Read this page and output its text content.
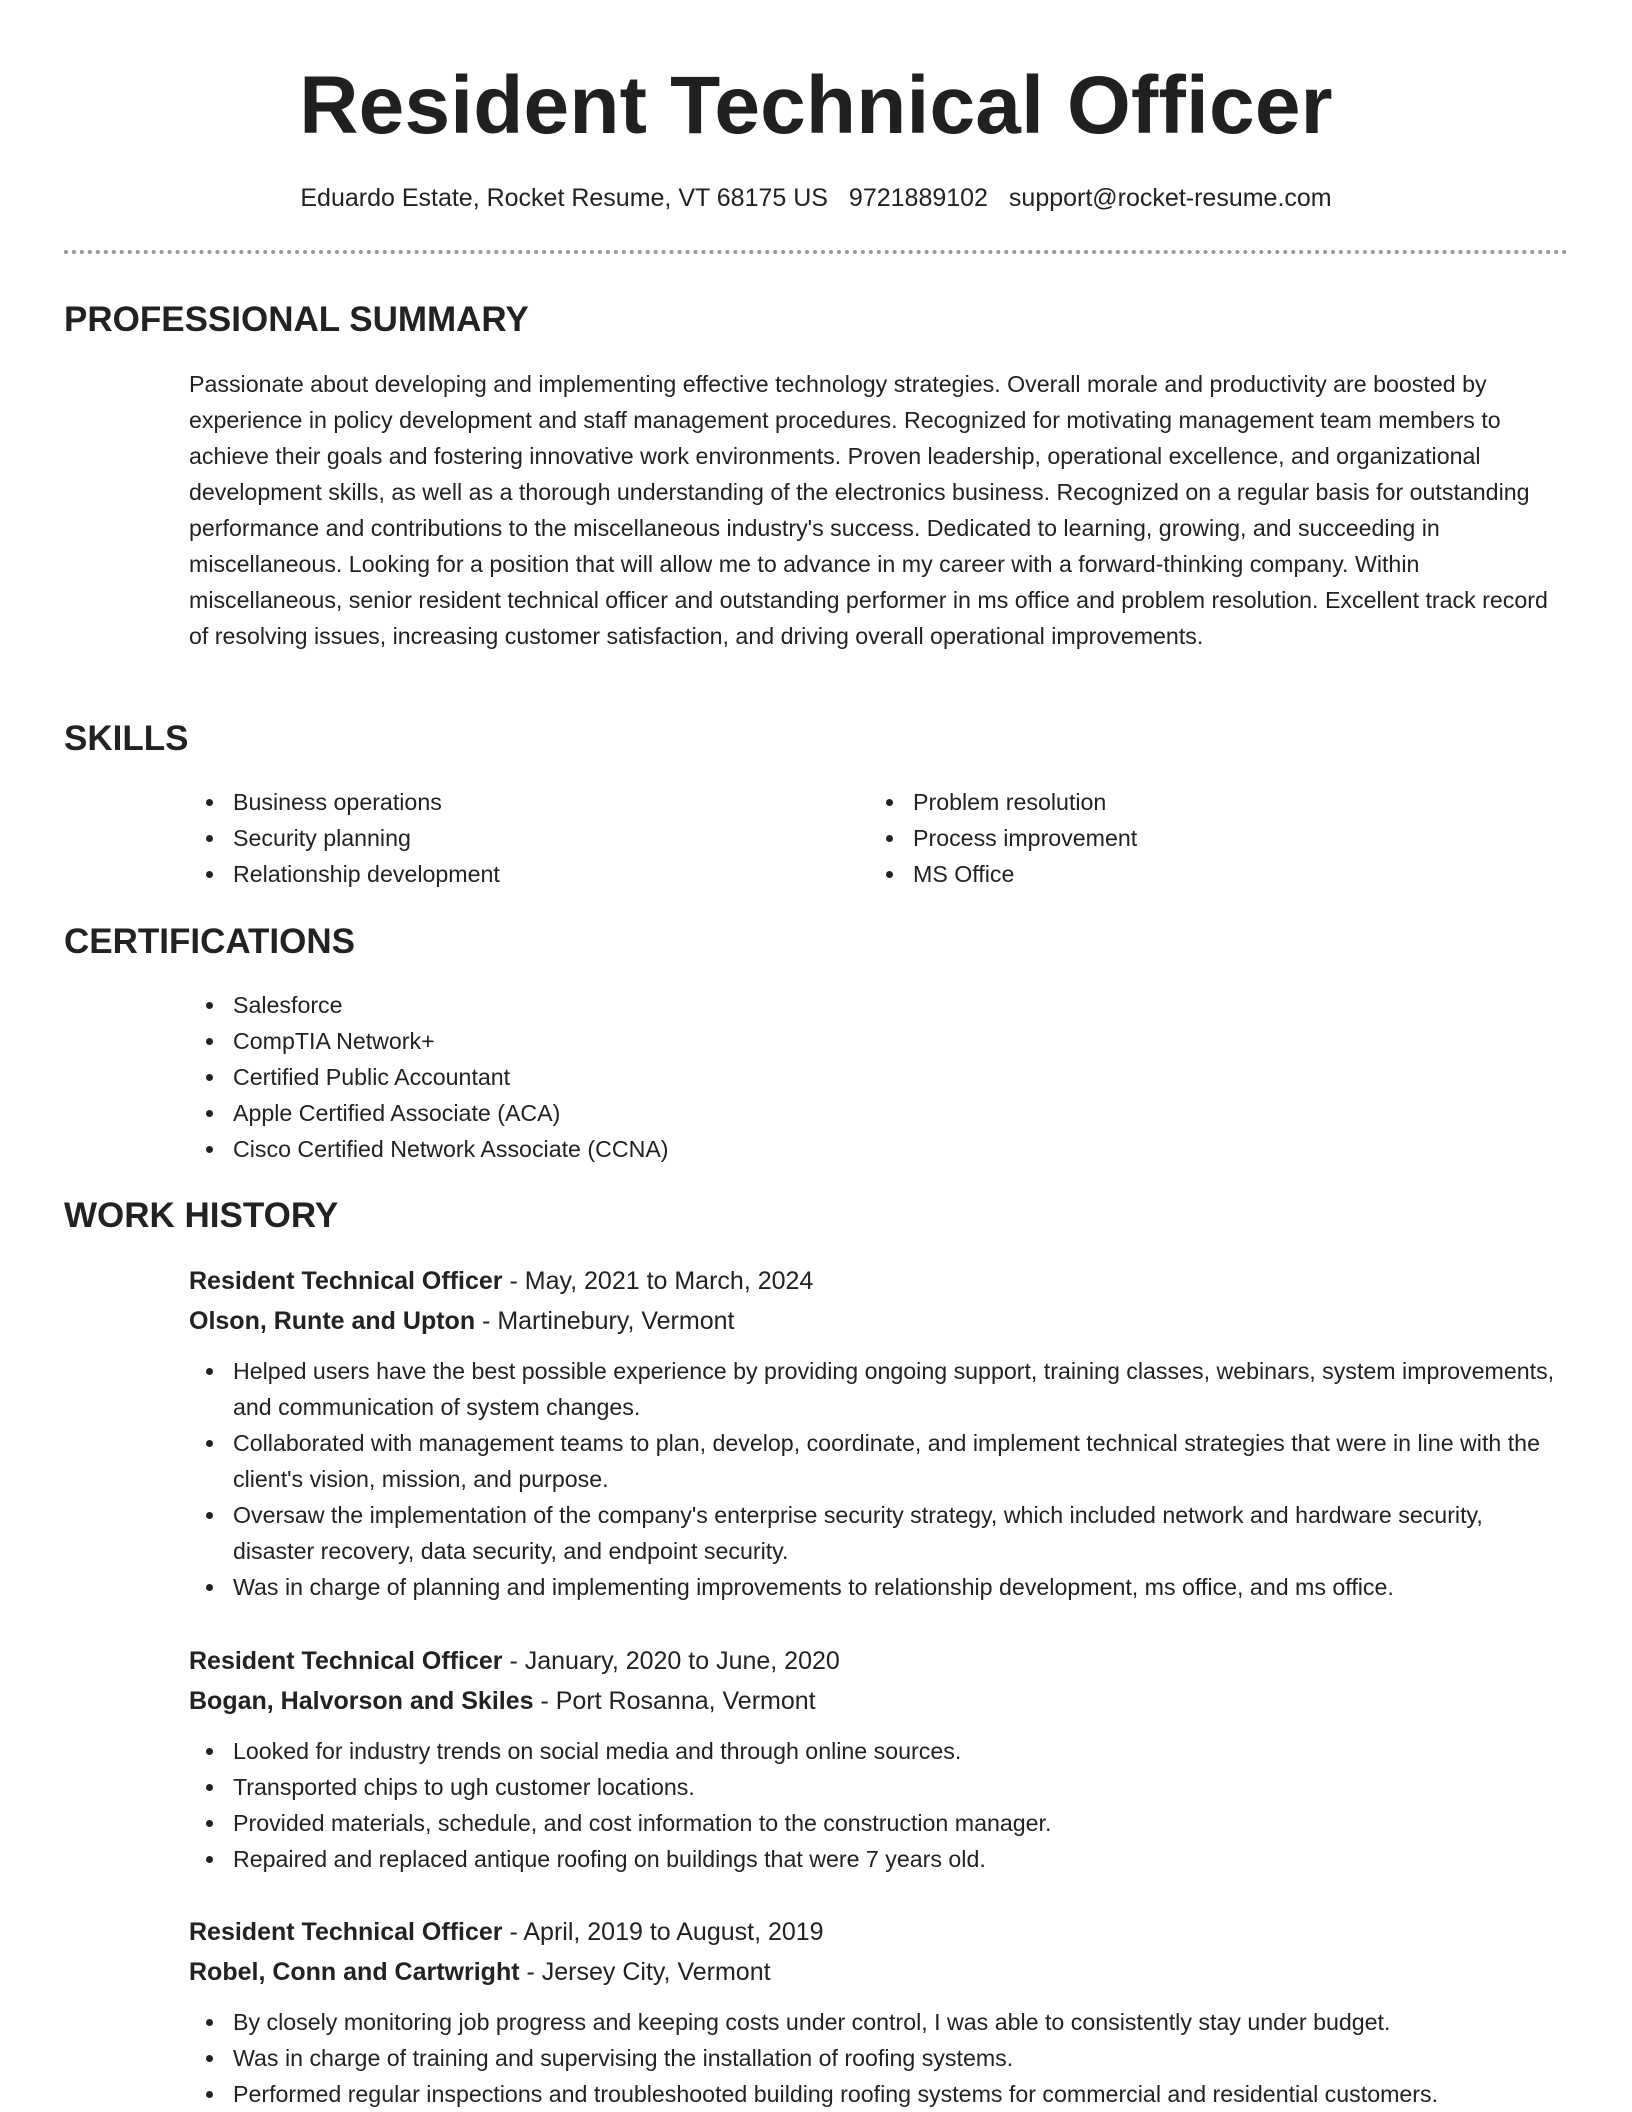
Resident Technical Officer
Eduardo Estate, Rocket Resume, VT 68175 US 9721889102 support@rocket-resume.com
PROFESSIONAL SUMMARY

Passionate about developing and implementing effective technology strategies. Overall morale and productivity are boosted by experience in policy development and staff management procedures. Recognized for motivating management team members to achieve their goals and fostering innovative work environments. Proven leadership, operational excellence, and organizational development skills, as well as a thorough understanding of the electronics business. Recognized on a regular basis for outstanding performance and contributions to the miscellaneous industry's success. Dedicated to learning, growing, and succeeding in miscellaneous. Looking for a position that will allow me to advance in my career with a forward-thinking company. Within miscellaneous, senior resident technical officer and outstanding performer in ms office and problem resolution. Excellent track record of resolving issues, increasing customer satisfaction, and driving overall operational improvements.

SKILLS
Business operations
Security planning
Relationship development
Problem resolution
Process improvement
MS Office
CERTIFICATIONS
Salesforce
CompTIA Network+
Certified Public Accountant
Apple Certified Associate (ACA)
Cisco Certified Network Associate (CCNA)
WORK HISTORY
Resident Technical Officer - May, 2021 to March, 2024
Olson, Runte and Upton - Martinebury, Vermont
Helped users have the best possible experience by providing ongoing support, training classes, webinars, system improvements, and communication of system changes.
Collaborated with management teams to plan, develop, coordinate, and implement technical strategies that were in line with the client's vision, mission, and purpose.
Oversaw the implementation of the company's enterprise security strategy, which included network and hardware security, disaster recovery, data security, and endpoint security.
Was in charge of planning and implementing improvements to relationship development, ms office, and ms office.
Resident Technical Officer - January, 2020 to June, 2020
Bogan, Halvorson and Skiles - Port Rosanna, Vermont
Looked for industry trends on social media and through online sources.
Transported chips to ugh customer locations.
Provided materials, schedule, and cost information to the construction manager.
Repaired and replaced antique roofing on buildings that were 7 years old.
Resident Technical Officer - April, 2019 to August, 2019
Robel, Conn and Cartwright - Jersey City, Vermont
By closely monitoring job progress and keeping costs under control, I was able to consistently stay under budget.
Was in charge of training and supervising the installation of roofing systems.
Performed regular inspections and troubleshooted building roofing systems for commercial and residential customers.
